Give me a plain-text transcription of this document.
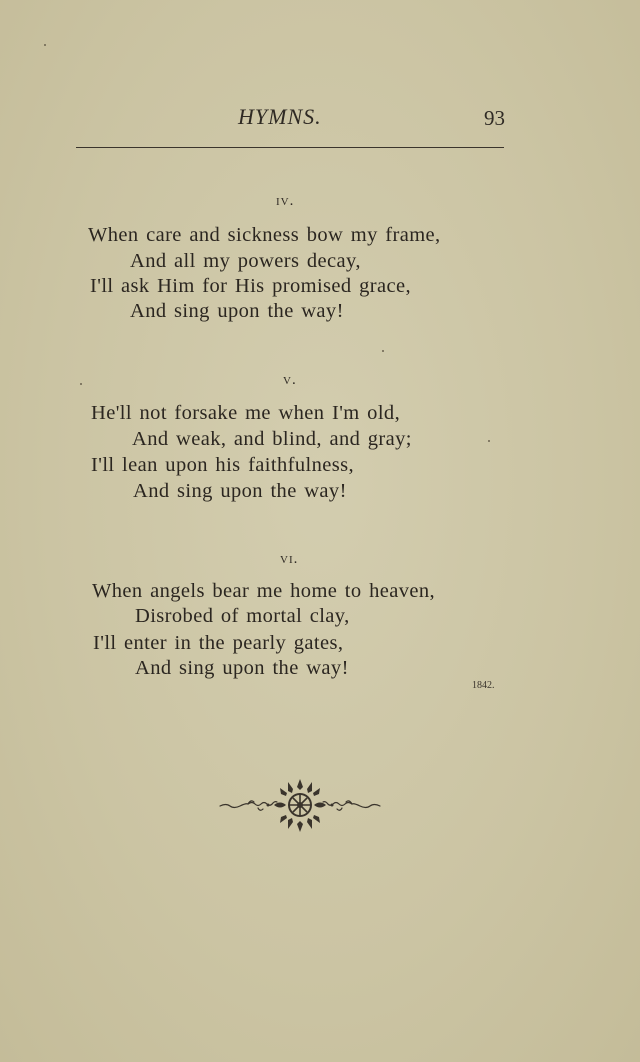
HYMNS.	93
iv.
When care and sickness bow my frame,
And all my powers decay,
I'll ask Him for His promised grace,
And sing upon the way!
v.
He'll not forsake me when I'm old,
And weak, and blind, and gray;
I'll lean upon his faithfulness,
And sing upon the way!
vi.
When angels bear me home to heaven,
Disrobed of mortal clay,
I'll enter in the pearly gates,
And sing upon the way!
1842.
